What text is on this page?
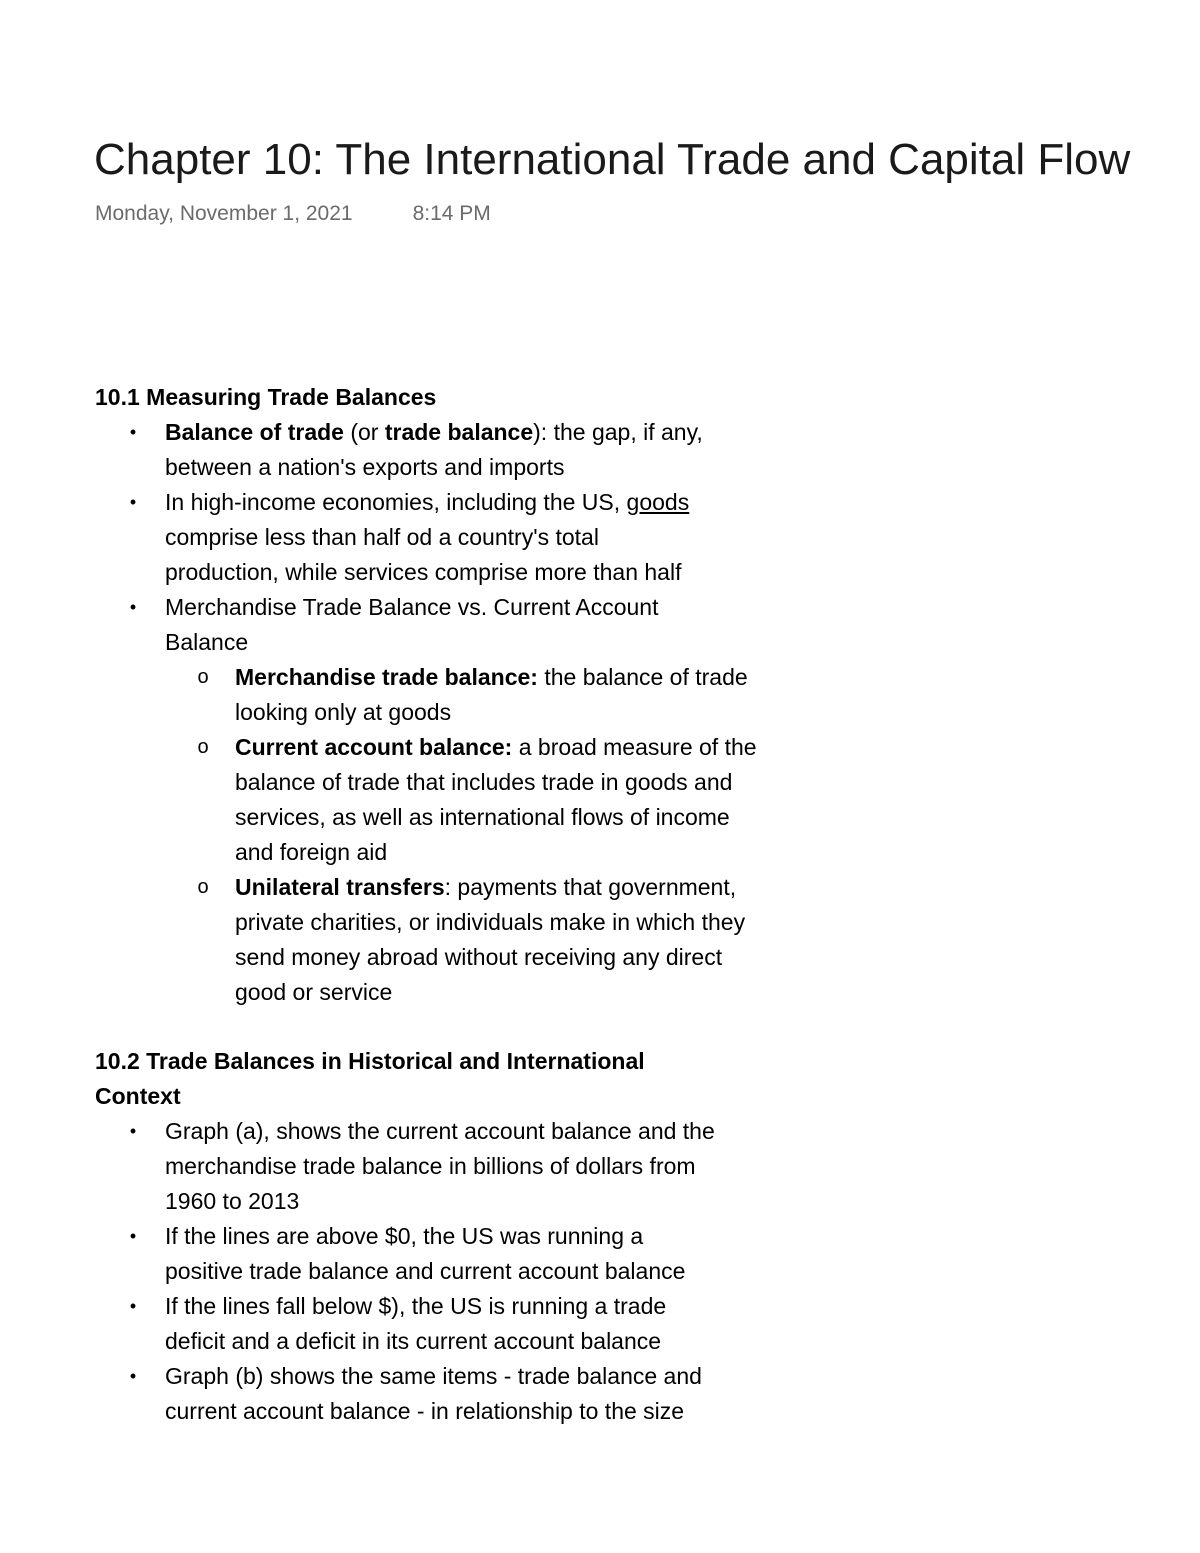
Chapter 10: The International Trade and Capital Flow
Monday, November 1, 2021	8:14 PM

10.1 Measuring Trade Balances

• Balance of trade (or trade balance): the gap, if any, between a nation's exports and imports
• In high-income economies, including the US, goods comprise less than half od a country's total production, while services comprise more than half
• Merchandise Trade Balance vs. Current Account Balance
o Merchandise trade balance: the balance of trade looking only at goods
o Current account balance: a broad measure of the balance of trade that includes trade in goods and services, as well as international flows of income and foreign aid
o Unilateral transfers: payments that government, private charities, or individuals make in which they send money abroad without receiving any direct good or service

10.2 Trade Balances in Historical and International Context

• Graph (a), shows the current account balance and the merchandise trade balance in billions of dollars from 1960 to 2013
• If the lines are above $0, the US was running a positive trade balance and current account balance
• If the lines fall below $), the US is running a trade deficit and a deficit in its current account balance
• Graph (b) shows the same items - trade balance and current account balance - in relationship to the size
